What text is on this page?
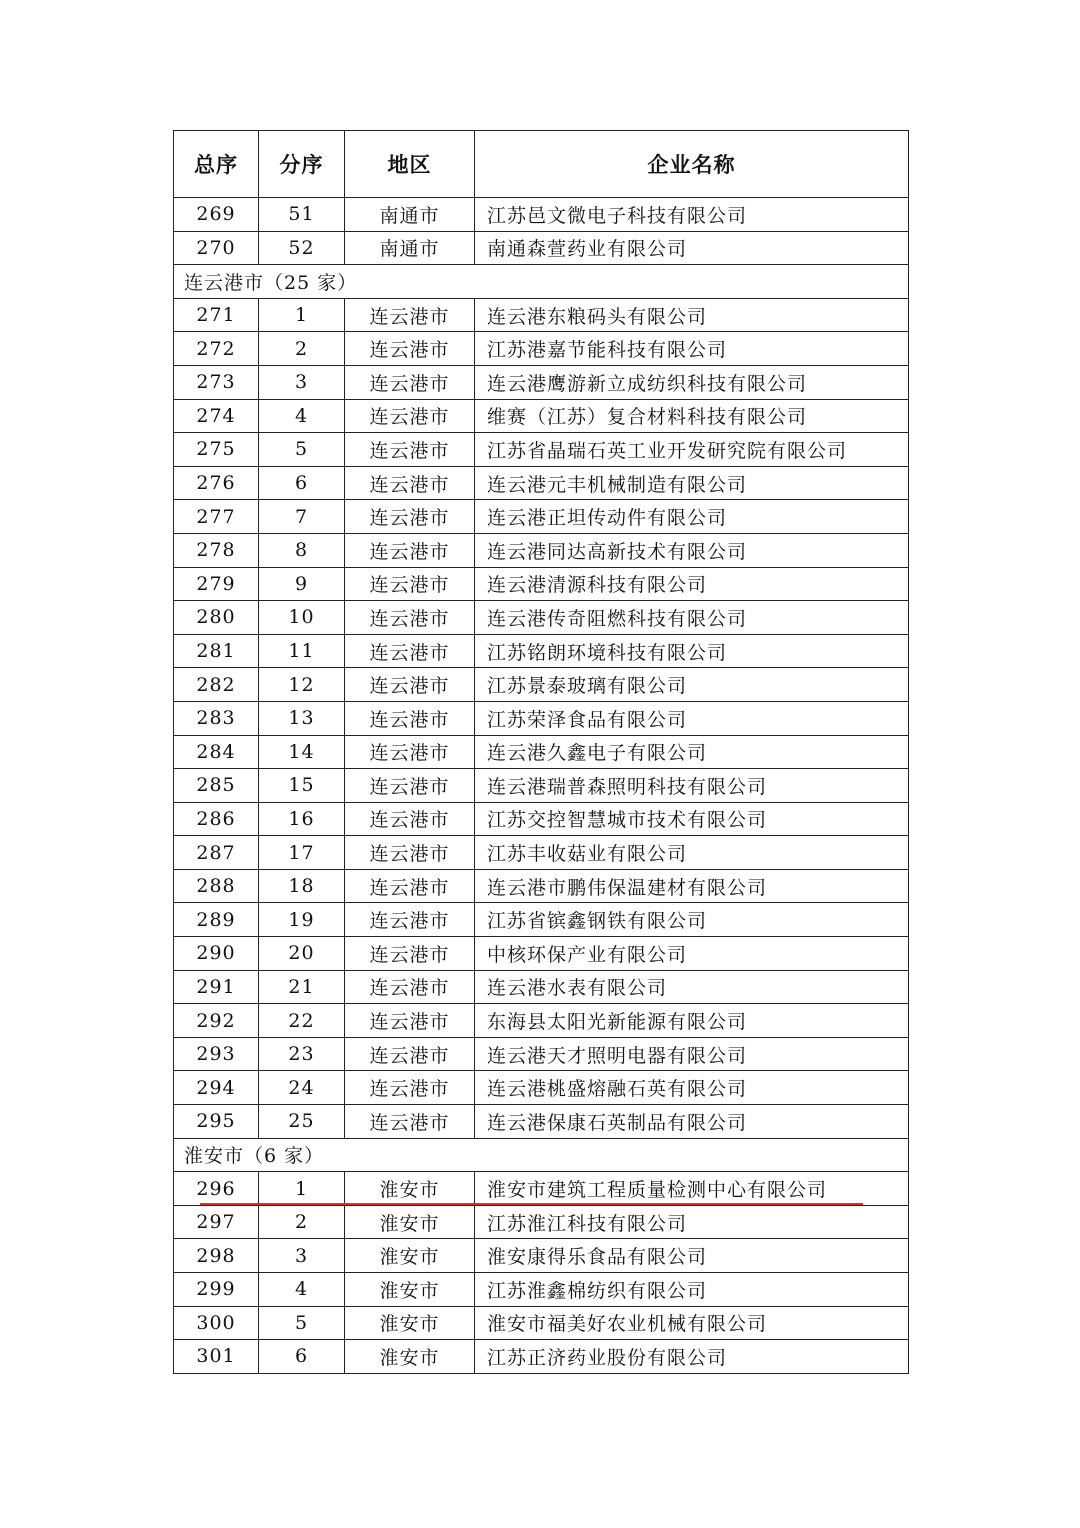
总序	分序	地区	企业名称
269	51	南通市	江苏邑文微电子科技有限公司
270	52	南通市	南通森萱药业有限公司
连云港市（25 家）			
271	1	连云港市	连云港东粮码头有限公司
272	2	连云港市	江苏港嘉节能科技有限公司
273	3	连云港市	连云港鹰游新立成纺织科技有限公司
274	4	连云港市	维赛（江苏）复合材料科技有限公司
275	5	连云港市	江苏省晶瑞石英工业开发研究院有限公司
276	6	连云港市	连云港元丰机械制造有限公司
277	7	连云港市	连云港正坦传动件有限公司
278	8	连云港市	连云港同达高新技术有限公司
279	9	连云港市	连云港清源科技有限公司
280	10	连云港市	连云港传奇阻燃科技有限公司
281	11	连云港市	江苏铭朗环境科技有限公司
282	12	连云港市	江苏景泰玻璃有限公司
283	13	连云港市	江苏荣泽食品有限公司
284	14	连云港市	连云港久鑫电子有限公司
285	15	连云港市	连云港瑞普森照明科技有限公司
286	16	连云港市	江苏交控智慧城市技术有限公司
287	17	连云港市	江苏丰收菇业有限公司
288	18	连云港市	连云港市鹏伟保温建材有限公司
289	19	连云港市	江苏省镔鑫钢铁有限公司
290	20	连云港市	中核环保产业有限公司
291	21	连云港市	连云港水表有限公司
292	22	连云港市	东海县太阳光新能源有限公司
293	23	连云港市	连云港天才照明电器有限公司
294	24	连云港市	连云港桃盛熔融石英有限公司
295	25	连云港市	连云港保康石英制品有限公司
淮安市（6 家）			
296	1	淮安市	淮安市建筑工程质量检测中心有限公司
297	2	淮安市	江苏淮江科技有限公司
298	3	淮安市	淮安康得乐食品有限公司
299	4	淮安市	江苏淮鑫棉纺织有限公司
300	5	淮安市	淮安市福美好农业机械有限公司
301	6	淮安市	江苏正济药业股份有限公司
